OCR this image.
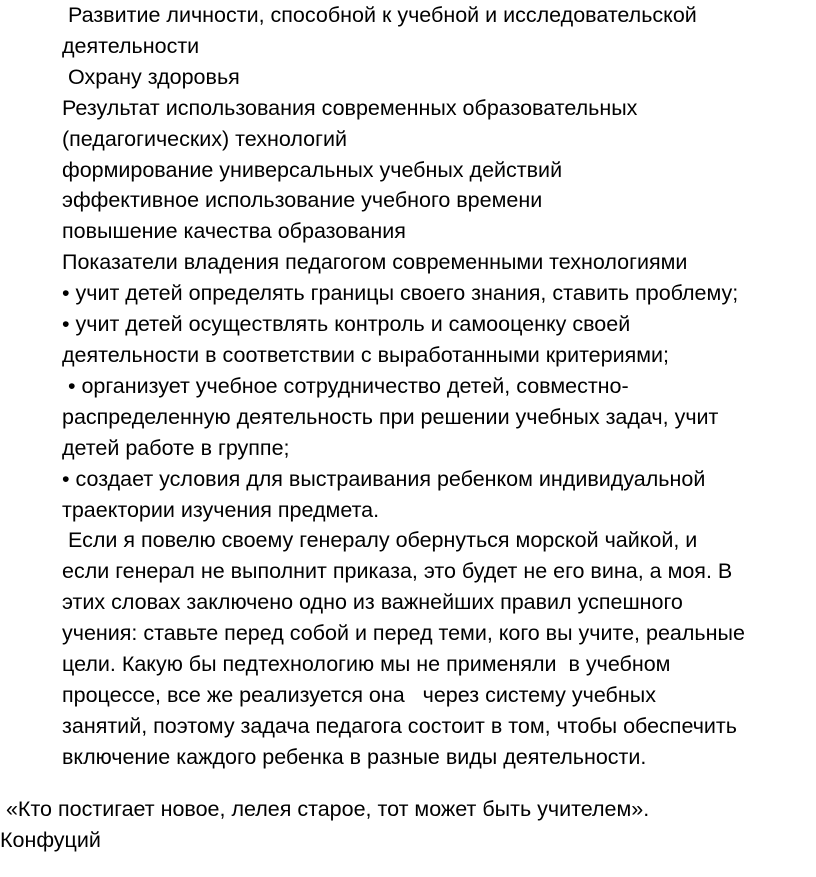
Развитие личности, способной к учебной и исследовательской

деятельности

Охрану здоровья

Результат использования современных образовательных

(педагогических) технологий

формирование универсальных учебных действий

эффективное использование учебного времени

повышение качества образования

Показатели владения педагогом современными технологиями

• учит детей определять границы своего знания, ставить проблему;

• учит детей осуществлять контроль и самооценку своей

деятельности в соответствии с выработанными критериями;

• организует учебное сотрудничество детей, совместно-

распределенную деятельность при решении учебных задач, учит

детей работе в группе;

• создает условия для выстраивания ребенком индивидуальной

траектории изучения предмета.

Если я повелю своему генералу обернуться морской чайкой, и

если генерал не выполнит приказа, это будет не его вина, а моя. В

этих словах заключено одно из важнейших правил успешного

учения: ставьте перед собой и перед теми, кого вы учите, реальные

цели. Какую бы педтехнологию мы не применяли  в учебном

процессе, все же реализуется она   через систему учебных

занятий, поэтому задача педагога состоит в том, чтобы обеспечить

включение каждого ребенка в разные виды деятельности.

«Кто постигает новое, лелея старое, тот может быть учителем».

Конфуций
